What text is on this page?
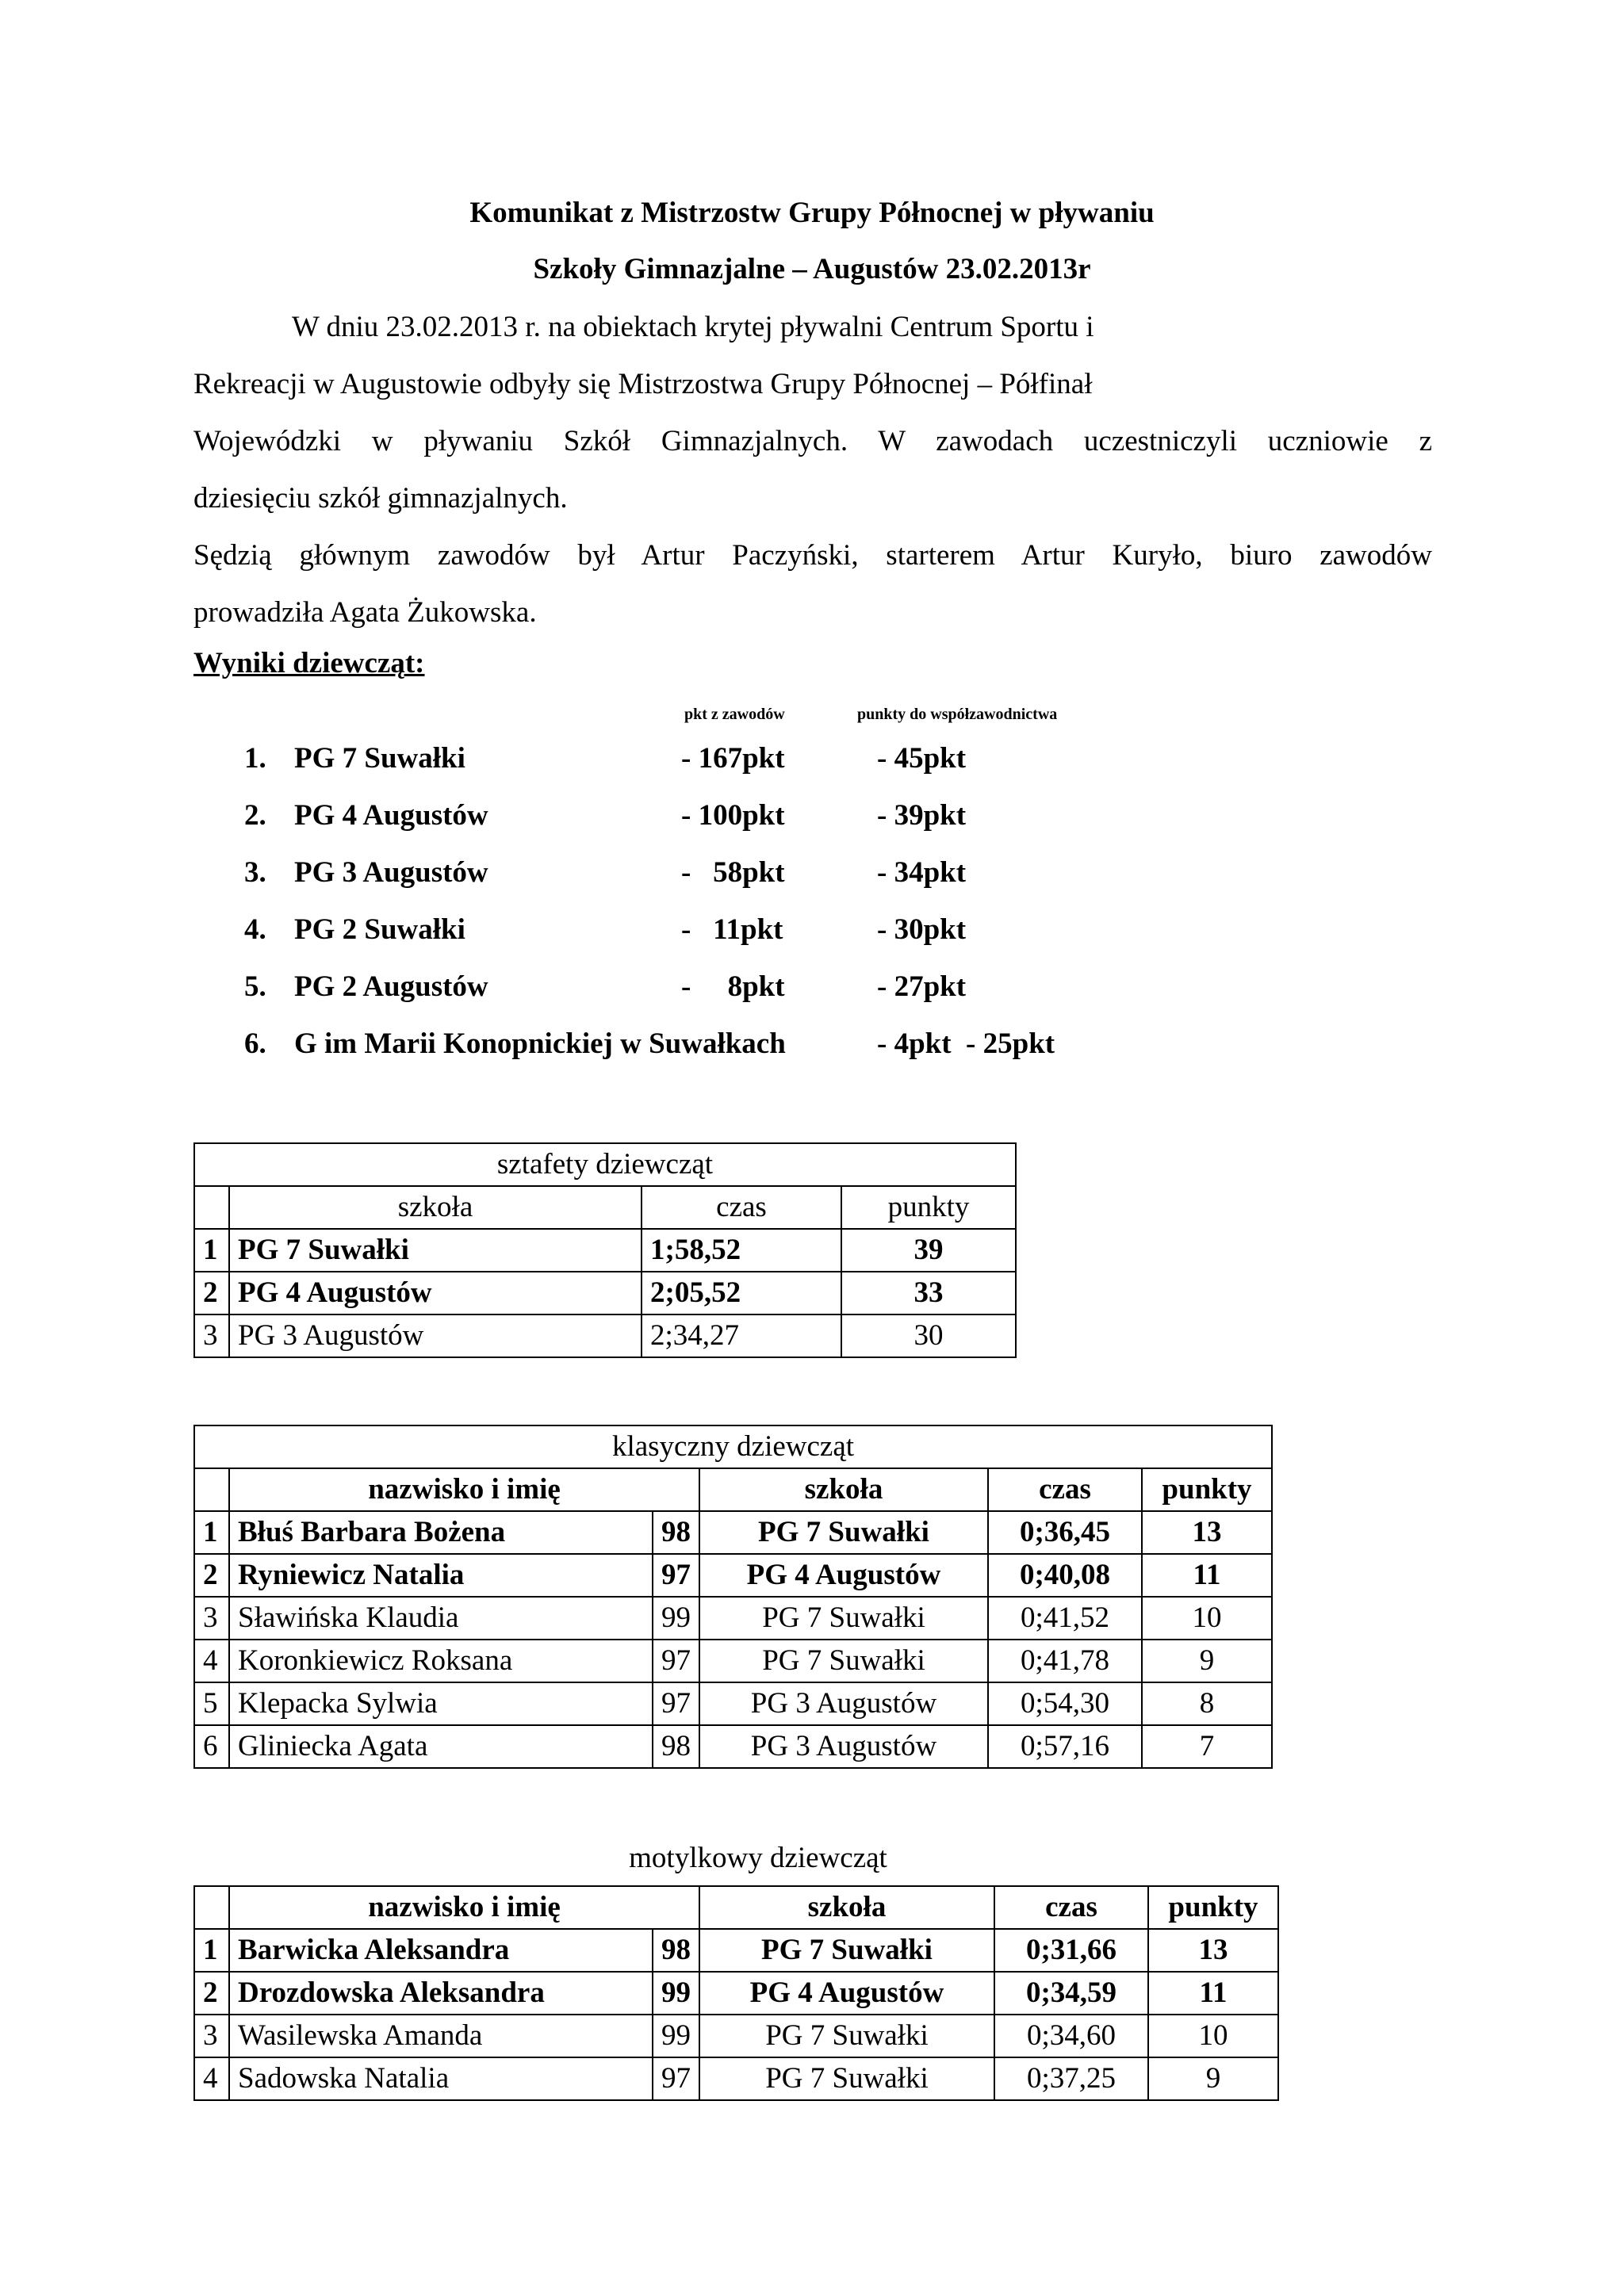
Komunikat z Mistrzostw Grupy Północnej w pływaniu
Szkoły Gimnazjalne – Augustów 23.02.2013r
W dniu 23.02.2013 r. na obiektach krytej pływalni Centrum Sportu i
Rekreacji w Augustowie odbyły się Mistrzostwa Grupy Północnej – Półfinał
Wojewódzki w pływaniu Szkół Gimnazjalnych. W zawodach uczestniczyli uczniowie z
dziesięciu szkół gimnazjalnych.
Sędzią głównym zawodów był Artur Paczyński, starterem Artur Kuryło, biuro zawodów
prowadziła Agata Żukowska.
Wyniki dziewcząt:
pkt z zawodów	punkty do współzawodnictwa
1. PG 7 Suwałki	- 167pkt	- 45pkt
2. PG 4 Augustów	- 100pkt	- 39pkt
3. PG 3 Augustów	-   58pkt	- 34pkt
4. PG 2 Suwałki	-   11pkt	- 30pkt
5. PG 2 Augustów	-     8pkt	- 27pkt
6. G im Marii Konopnickiej w Suwałkach	- 4pkt  - 25pkt
sztafety dziewcząt			
	szkoła	czas	punkty
1	PG 7 Suwałki	1;58,52	39
2	PG 4 Augustów	2;05,52	33
3	PG 3 Augustów	2;34,27	30
klasyczny dziewcząt					
	nazwisko i imię		szkoła	czas	punkty
1	Błuś Barbara Bożena	98	PG 7 Suwałki	0;36,45	13
2	Ryniewicz Natalia	97	PG 4 Augustów	0;40,08	11
3	Sławińska Klaudia	99	PG 7 Suwałki	0;41,52	10
4	Koronkiewicz Roksana	97	PG 7 Suwałki	0;41,78	9
5	Klepacka Sylwia	97	PG 3 Augustów	0;54,30	8
6	Gliniecka Agata	98	PG 3 Augustów	0;57,16	7
motylkowy dziewcząt
	nazwisko i imię		szkoła	czas	punkty
1	Barwicka Aleksandra	98	PG 7 Suwałki	0;31,66	13
2	Drozdowska Aleksandra	99	PG 4 Augustów	0;34,59	11
3	Wasilewska Amanda	99	PG 7 Suwałki	0;34,60	10
4	Sadowska Natalia	97	PG 7 Suwałki	0;37,25	9
